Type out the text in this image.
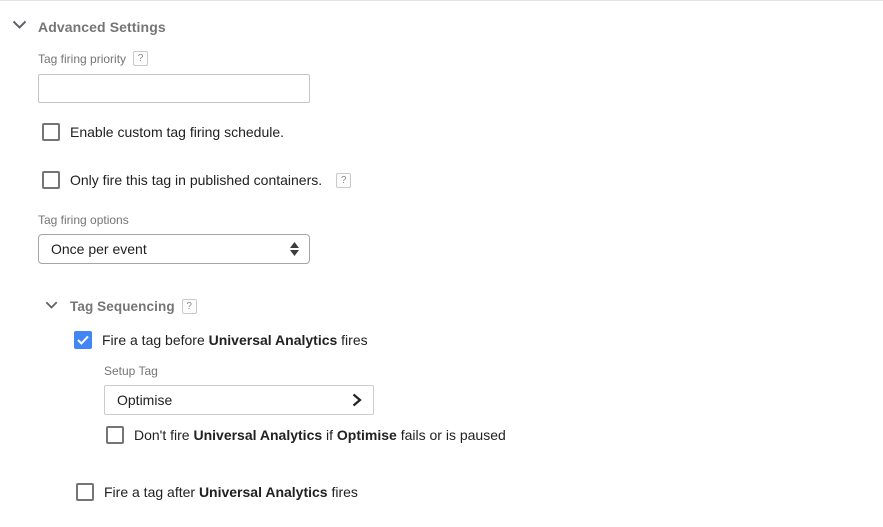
Advanced Settings
Tag firing priority	?
Enable custom tag firing schedule.
Only fire this tag in published containers.	?
Tag firing options
Once per event
Tag Sequencing	?
Fire a tag before Universal Analytics fires
Setup Tag
Optimise
Don't fire Universal Analytics if Optimise fails or is paused
Fire a tag after Universal Analytics fires
